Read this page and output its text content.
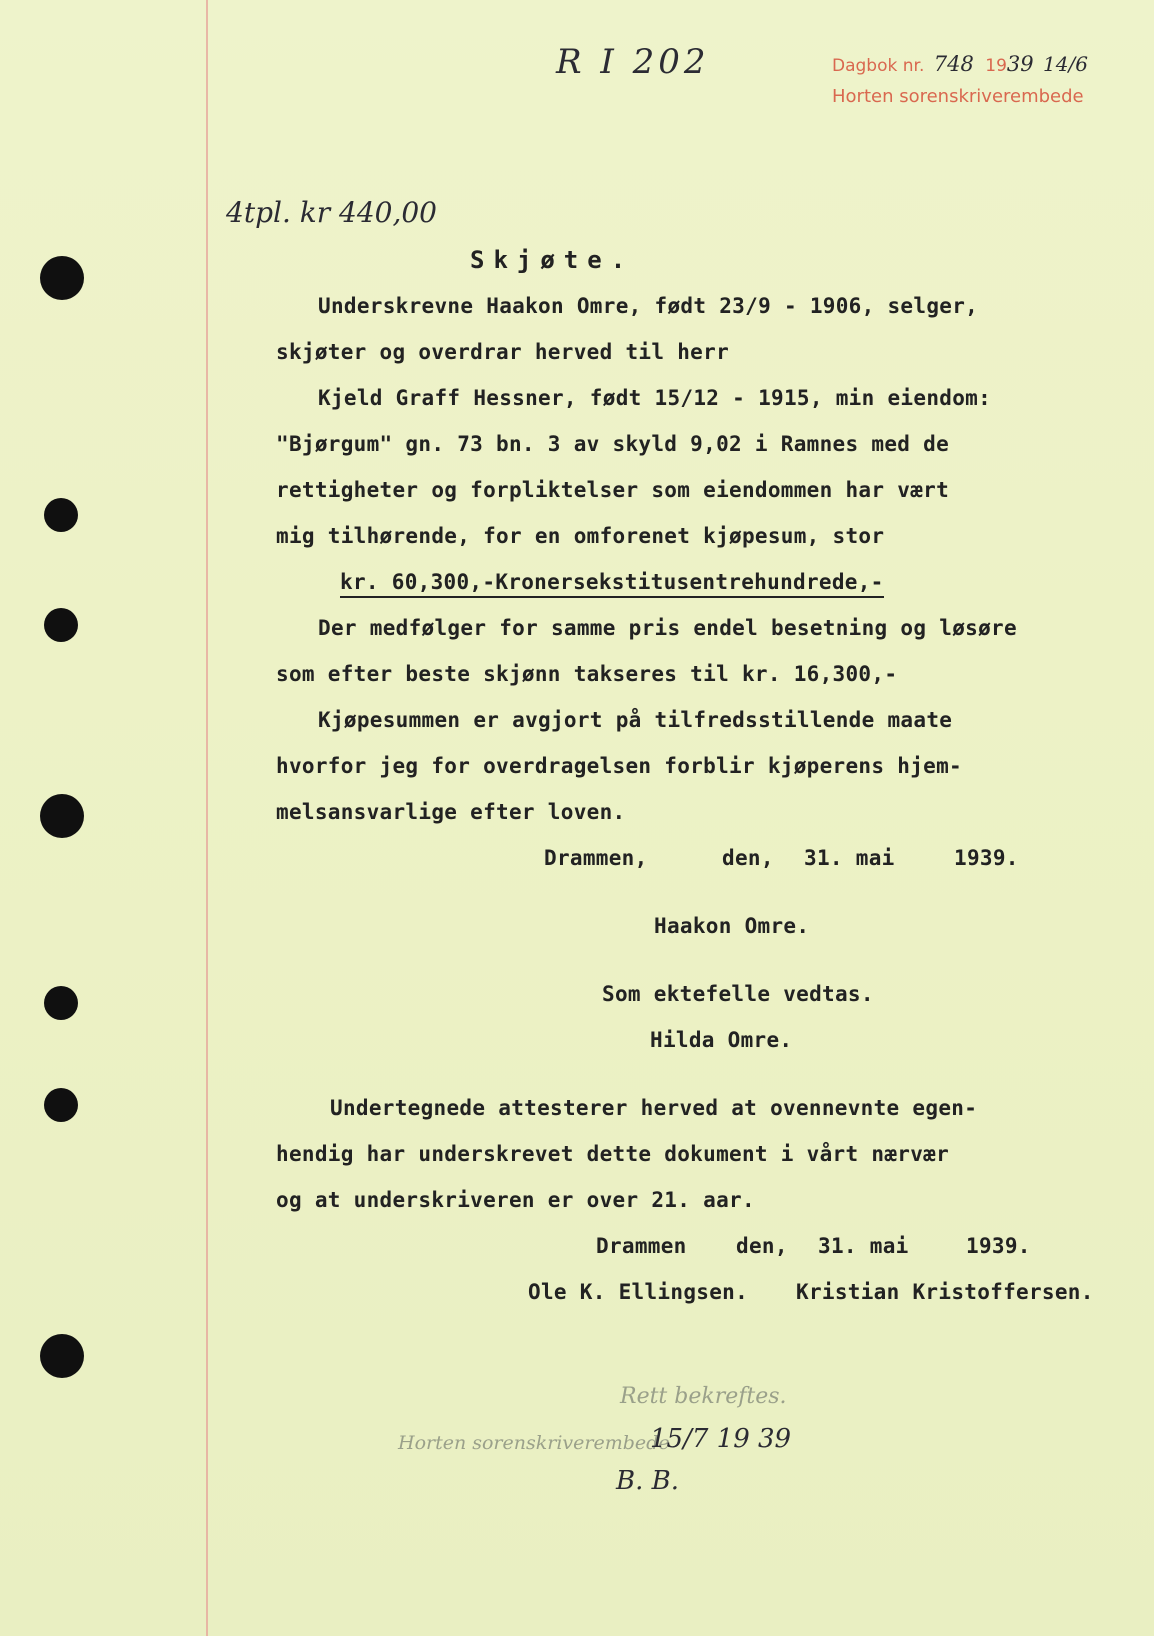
R I 202	Dagbok nr. 748 1939 14/6
Horten sorenskriverembede
4tpl. kr 440,00
Skjøte.
Underskrevne Haakon Omre, født 23/9 - 1906, selger,
skjøter og overdrar herved til herr
Kjeld Graff Hessner, født 15/12 - 1915, min eiendom:
"Bjørgum" gn. 73 bn. 3 av skyld 9,02 i Ramnes med de
rettigheter og forpliktelser som eiendommen har vært
mig tilhørende, for en omforenet kjøpesum, stor
kr. 60,300,-Kronersekstitusentrehundrede,-
Der medfølger for samme pris endel besetning og løsøre
som efter beste skjønn takseres til kr. 16,300,-
Kjøpesummen er avgjort på tilfredsstillende maate
hvorfor jeg for overdragelsen forblir kjøperens hjem-
melsansvarlige efter loven.
Drammen,	den, 31. mai	1939.
Haakon Omre.
Som ektefelle vedtas.
Hilda Omre.
Undertegnede attesterer herved at ovennevnte egen-
hendig har underskrevet dette dokument i vårt nærvær
og at underskriveren er over 21. aar.
Drammen den, 31. mai	1939.
Ole K. Ellingsen. Kristian Kristoffersen.
Rett bekreftes.
Horten sorenskriverembede
15/7 19 39
B. B.
